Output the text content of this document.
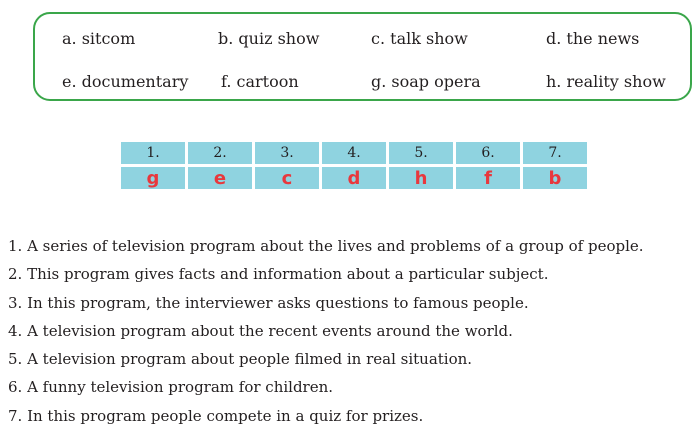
a. sitcom	b. quiz show	c. talk show	d. the news
e. documentary f. cartoon	g. soap opera	h. reality show
1.	2.	3.	4.	5.	6.	7.
g	e	c	d	h	f	b
1. A series of television program about the lives and problems of a group of people.
2. This program gives facts and information about a particular subject.
3. In this program, the interviewer asks questions to famous people.
4. A television program about the recent events around the world.
5. A television program about people filmed in real situation.
6. A funny television program for children.
7. In this program people compete in a quiz for prizes.
